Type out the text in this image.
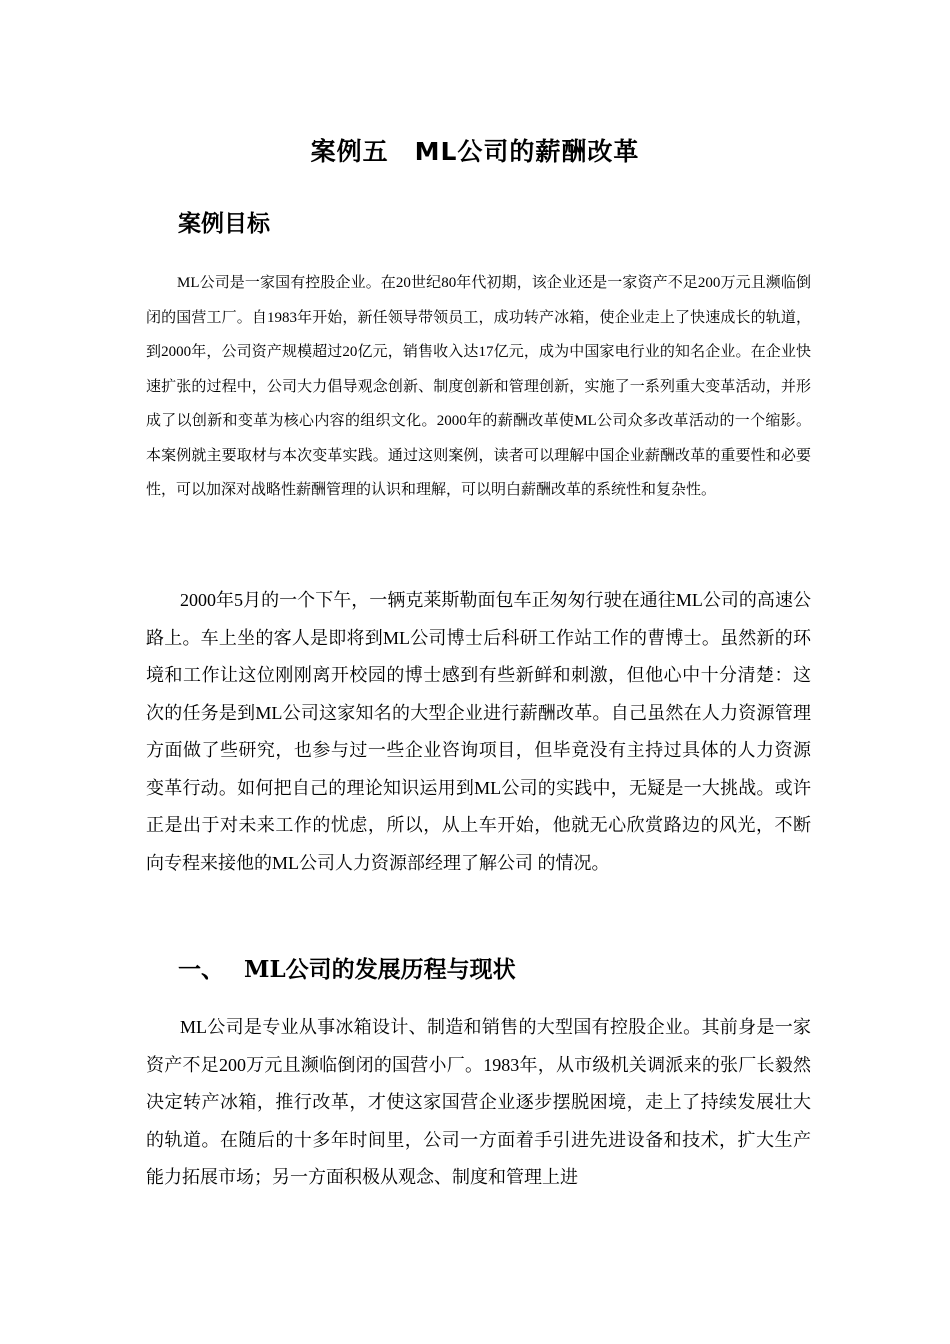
案例五　ML公司的薪酬改革
案例目标

ML公司是一家国有控股企业。在20世纪80年代初期，该企业还是一家资产不足200万元且濒临倒闭的国营工厂。自1983年开始，新任领导带领员工，成功转产冰箱，使企业走上了快速成长的轨道，到2000年，公司资产规模超过20亿元，销售收入达17亿元，成为中国家电行业的知名企业。在企业快速扩张的过程中，公司大力倡导观念创新、制度创新和管理创新，实施了一系列重大变革活动，并形成了以创新和变革为核心内容的组织文化。2000年的薪酬改革使ML公司众多改革活动的一个缩影。本案例就主要取材与本次变革实践。通过这则案例，读者可以理解中国企业薪酬改革的重要性和必要性，可以加深对战略性薪酬管理的认识和理解，可以明白薪酬改革的系统性和复杂性。

2000年5月的一个下午，一辆克莱斯勒面包车正匆匆行驶在通往ML公司的高速公路上。车上坐的客人是即将到ML公司博士后科研工作站工作的曹博士。虽然新的环境和工作让这位刚刚离开校园的博士感到有些新鲜和刺激，但他心中十分清楚：这次的任务是到ML公司这家知名的大型企业进行薪酬改革。自己虽然在人力资源管理方面做了些研究，也参与过一些企业咨询项目，但毕竟没有主持过具体的人力资源变革行动。如何把自己的理论知识运用到ML公司的实践中，无疑是一大挑战。或许正是出于对未来工作的忧虑，所以，从上车开始，他就无心欣赏路边的风光，不断向专程来接他的ML公司人力资源部经理了解公司 的情况。

一、 ML公司的发展历程与现状

ML公司是专业从事冰箱设计、制造和销售的大型国有控股企业。其前身是一家资产不足200万元且濒临倒闭的国营小厂。1983年，从市级机关调派来的张厂长毅然决定转产冰箱，推行改革，才使这家国营企业逐步摆脱困境，走上了持续发展壮大的轨道。在随后的十多年时间里，公司一方面着手引进先进设备和技术，扩大生产能力拓展市场；另一方面积极从观念、制度和管理上进
